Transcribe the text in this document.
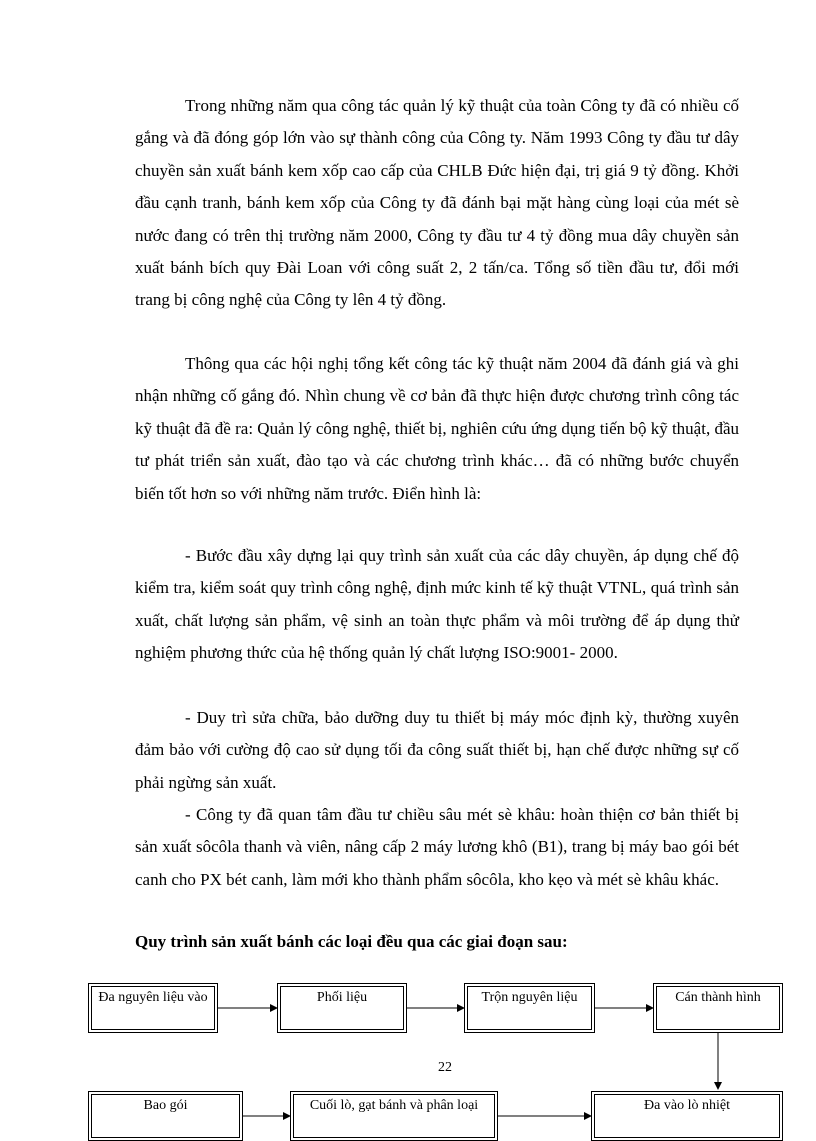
Trong những năm qua công tác quản lý kỹ thuật của toàn Công ty đã có nhiều cố gắng và đã đóng góp lớn vào sự thành công của Công ty. Năm 1993 Công ty đầu tư dây chuyền sản xuất bánh kem xốp cao cấp của CHLB Đức hiện đại, trị giá 9 tỷ đồng. Khởi đầu cạnh tranh, bánh kem xốp của Công ty đã đánh bại mặt hàng cùng loại của mét sè nước đang có trên thị trường năm 2000, Công ty đầu tư 4 tỷ đồng mua dây chuyền sản xuất bánh bích quy Đài Loan với công suất 2, 2 tấn/ca. Tổng số tiền đầu tư, đổi mới trang bị công nghệ của Công ty lên 4 tỷ đồng.

Thông qua các hội nghị tổng kết công tác kỹ thuật năm 2004 đã đánh giá và ghi nhận những cố gắng đó. Nhìn chung về cơ bản đã thực hiện được chương trình công tác kỹ thuật đã đề ra: Quản lý công nghệ, thiết bị, nghiên cứu ứng dụng tiến bộ kỹ thuật, đầu tư phát triển sản xuất, đào tạo và các chương trình khác… đã có những bước chuyển biến tốt hơn so với những năm trước. Điển hình là:

- Bước đầu xây dựng lại quy trình sản xuất của các dây chuyền, áp dụng chế độ kiểm tra, kiểm soát quy trình công nghệ, định mức kinh tế kỹ thuật VTNL, quá trình sản xuất, chất lượng sản phẩm, vệ sinh an toàn thực phẩm và môi trường để áp dụng thử nghiệm phương thức của hệ thống quản lý chất lượng ISO:9001- 2000.

- Duy trì sửa chữa, bảo dưỡng duy tu thiết bị máy móc định kỳ, thường xuyên đảm bảo với cường độ cao sử dụng tối đa công suất thiết bị, hạn chế được những sự cố phải ngừng sản xuất.

- Công ty đã quan tâm đầu tư chiều sâu mét sè khâu: hoàn thiện cơ bản thiết bị sản xuất sôcôla thanh và viên, nâng cấp 2 máy lương khô (B1), trang bị máy bao gói bét canh cho PX bét canh, làm mới kho thành phẩm sôcôla, kho kẹo và mét sè khâu khác.

Quy trình sản xuất bánh các loại đều qua các giai đoạn sau:

Đa nguyên liệu vào	Phối liệu	Trộn nguyên liệu	Cán thành hình
22
Bao gói	Cuối lò, gạt bánh và phân loại	Đa vào lò nhiệt
